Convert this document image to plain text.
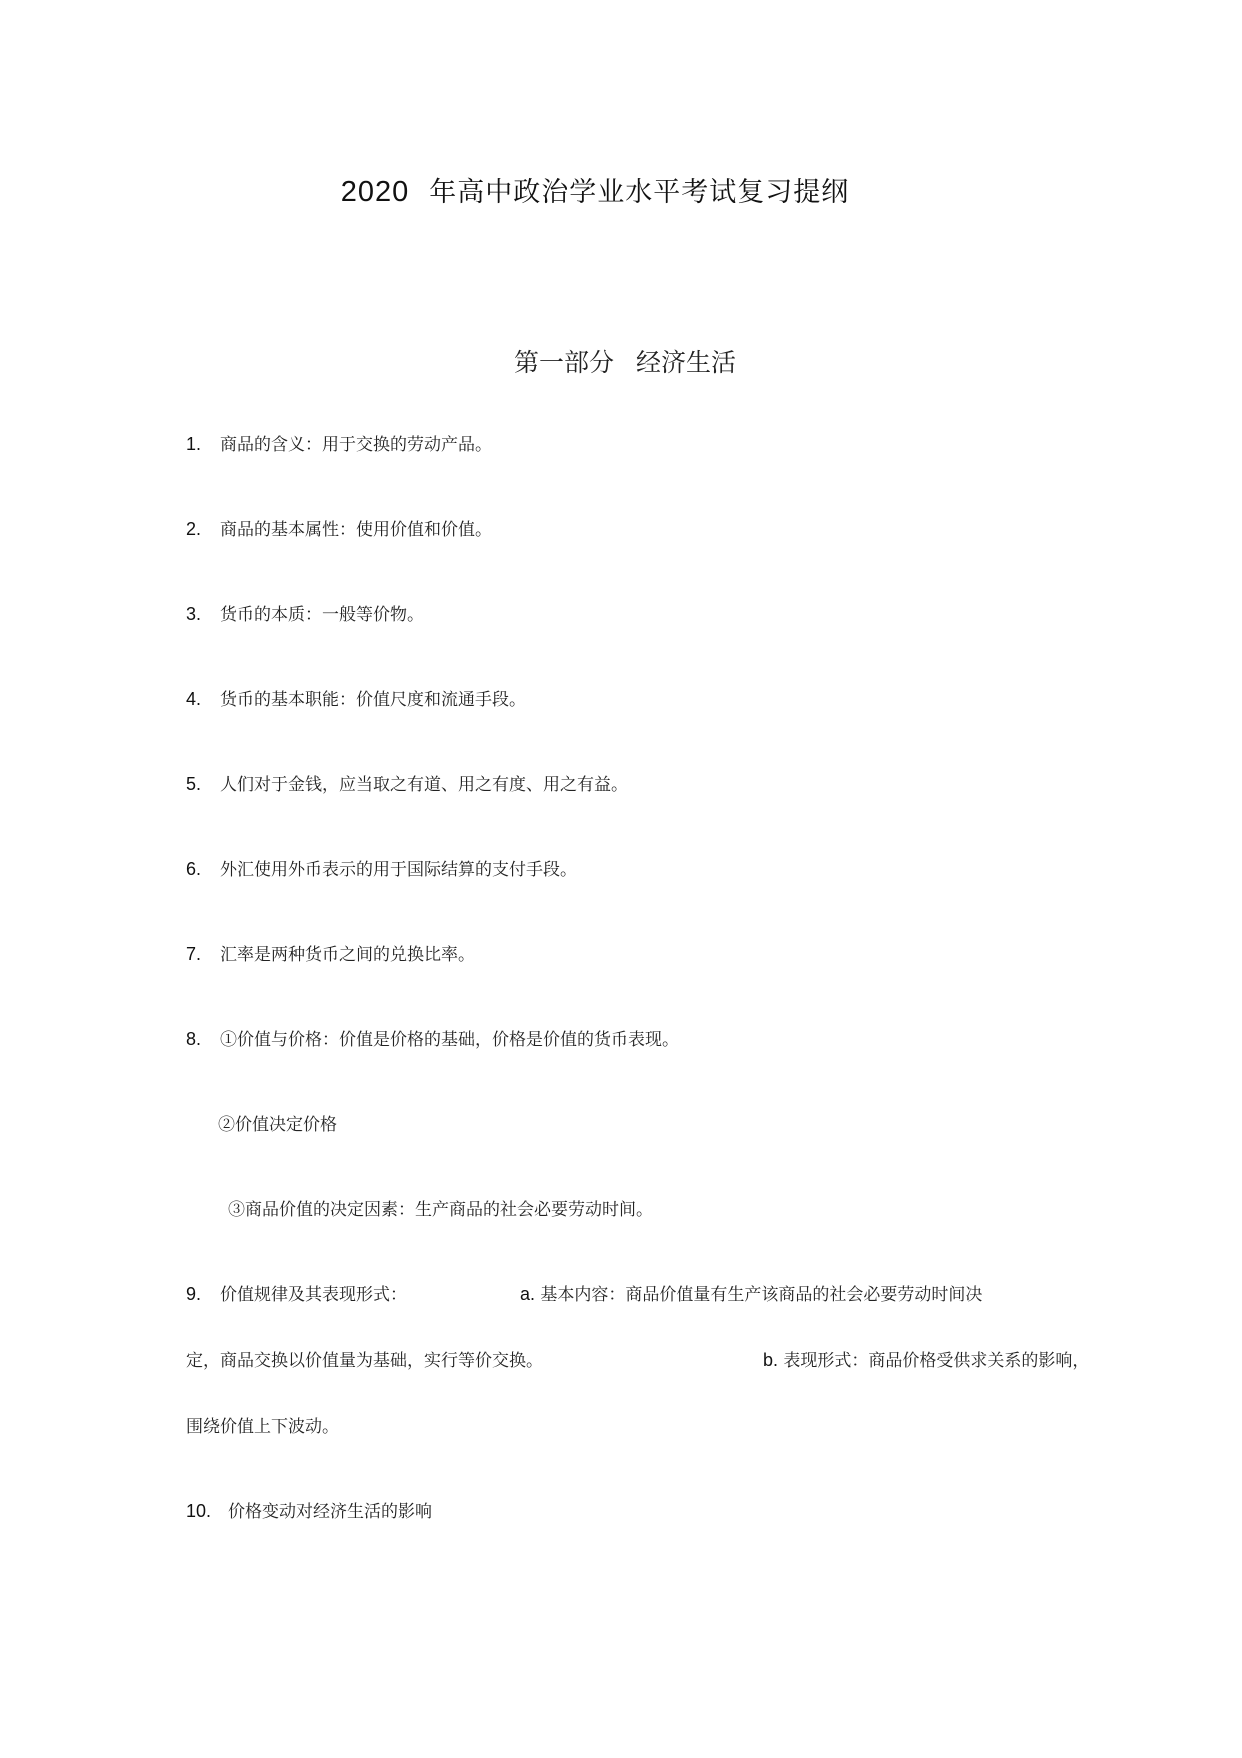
2020 年高中政治学业水平考试复习提纲
第一部分 经济生活
1. 商品的含义：用于交换的劳动产品。
2. 商品的基本属性：使用价值和价值。
3. 货币的本质：一般等价物。
4. 货币的基本职能：价值尺度和流通手段。
5. 人们对于金钱，应当取之有道、用之有度、用之有益。
6. 外汇使用外币表示的用于国际结算的支付手段。
7. 汇率是两种货币之间的兑换比率。
8. ①价值与价格：价值是价格的基础，价格是价值的货币表现。
②价值决定价格
③商品价值的决定因素：生产商品的社会必要劳动时间。
9. 价值规律及其表现形式：	a. 基本内容：商品价值量有生产该商品的社会必要劳动时间决
定，商品交换以价值量为基础，实行等价交换。	b. 表现形式：商品价格受供求关系的影响，
围绕价值上下波动。
10. 价格变动对经济生活的影响
